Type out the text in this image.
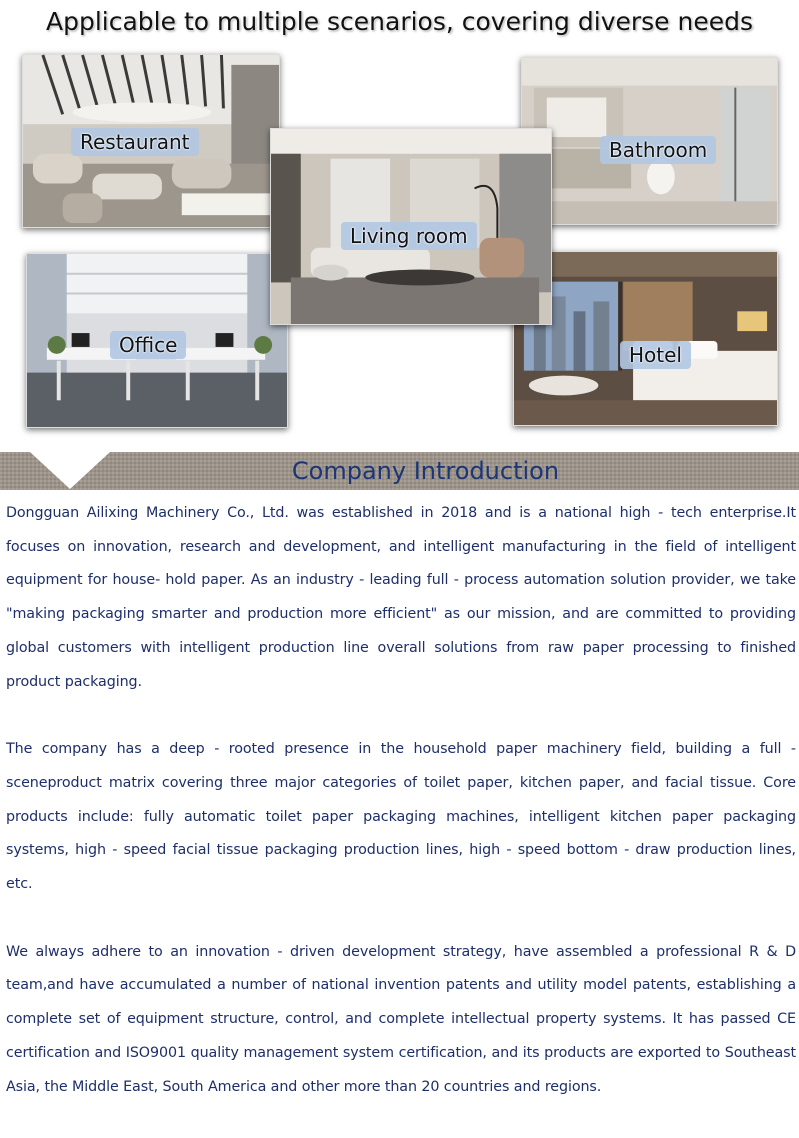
Applicable to multiple scenarios, covering diverse needs
Restaurant	Bathroom
Office	Hotel
Living room
Company Introduction

Dongguan Ailixing Machinery Co., Ltd. was established in 2018 and is a national high - tech enterprise.It focuses on innovation, research and development, and intelligent manufacturing in the field of intelligent equipment for house- hold paper. As an industry - leading full - process automation solution provider, we take "making packaging smarter and production more efficient" as our mission, and are committed to providing global customers with intelligent production line overall solutions from raw paper processing to finished product packaging.

The company has a deep - rooted presence in the household paper machinery field, building a full - sceneproduct matrix covering three major categories of toilet paper, kitchen paper, and facial tissue. Core products include: fully automatic toilet paper packaging machines, intelligent kitchen paper packaging systems, high - speed facial tissue packaging production lines, high - speed bottom - draw production lines, etc.

We always adhere to an innovation - driven development strategy, have assembled a professional R & D team,and have accumulated a number of national invention patents and utility model patents, establishing a complete set of equipment structure, control, and complete intellectual property systems. It has passed CE certification and ISO9001 quality management system certification, and its products are exported to Southeast Asia, the Middle East, South America and other more than 20 countries and regions.
